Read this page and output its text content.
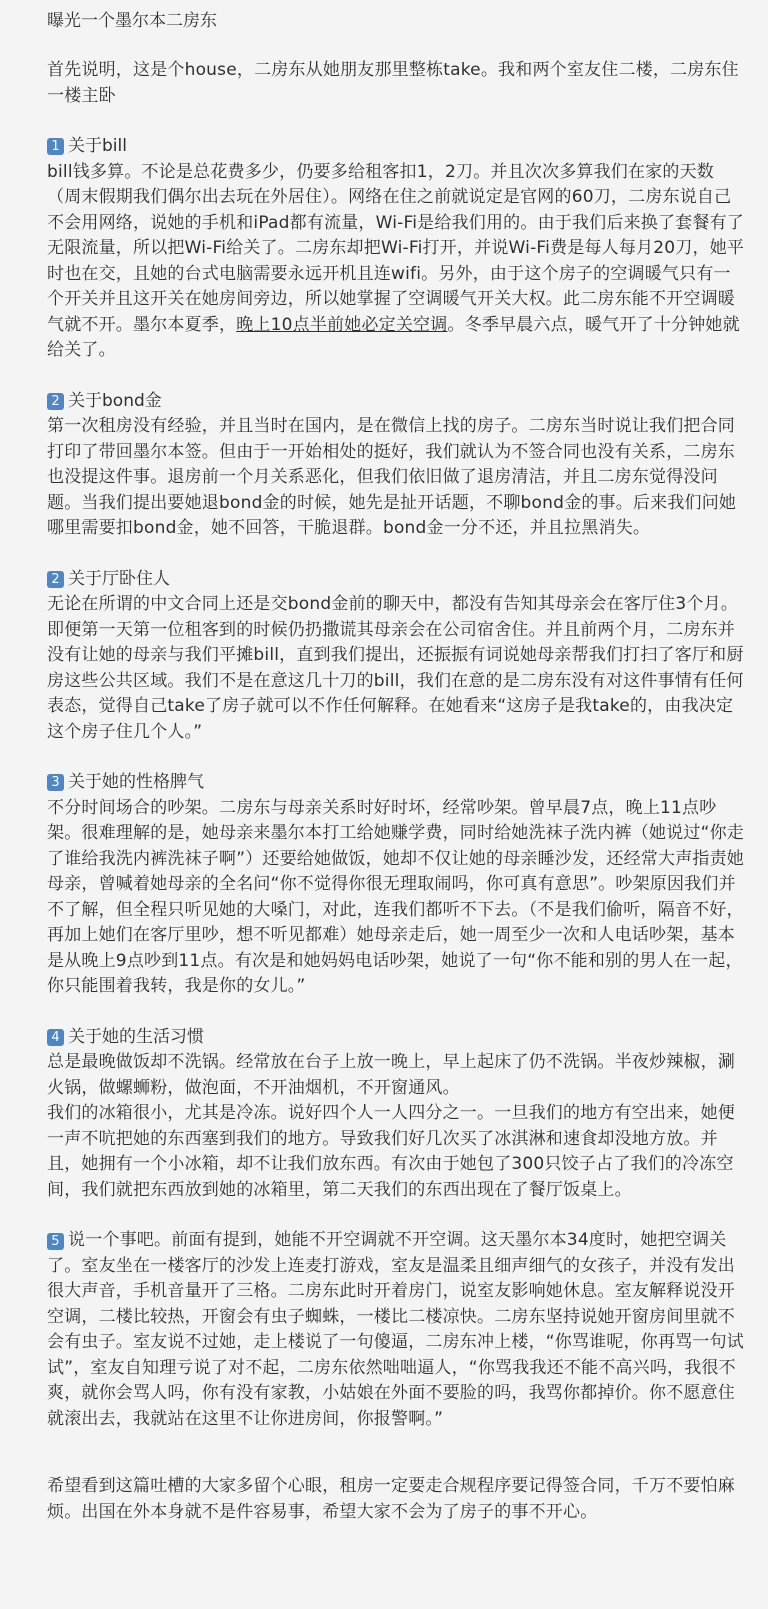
曝光一个墨尔本二房东

首先说明，这是个house，二房东从她朋友那里整栋take。我和两个室友住二楼，二房东住一楼主卧

1 关于bill

bill钱多算。不论是总花费多少，仍要多给租客扣1，2刀。并且次次多算我们在家的天数（周末假期我们偶尔出去玩在外居住）。网络在住之前就说定是官网的60刀，二房东说自己不会用网络，说她的手机和iPad都有流量，Wi-Fi是给我们用的。由于我们后来换了套餐有了无限流量，所以把Wi-Fi给关了。二房东却把Wi-Fi打开，并说Wi-Fi费是每人每月20刀，她平时也在交，且她的台式电脑需要永远开机且连wifi。另外，由于这个房子的空调暖气只有一个开关并且这开关在她房间旁边，所以她掌握了空调暖气开关大权。此二房东能不开空调暖气就不开。墨尔本夏季，晚上10点半前她必定关空调。冬季早晨六点，暖气开了十分钟她就给关了。

2 关于bond金

第一次租房没有经验，并且当时在国内，是在微信上找的房子。二房东当时说让我们把合同打印了带回墨尔本签。但由于一开始相处的挺好，我们就认为不签合同也没有关系，二房东也没提这件事。退房前一个月关系恶化，但我们依旧做了退房清洁，并且二房东觉得没问题。当我们提出要她退bond金的时候，她先是扯开话题，不聊bond金的事。后来我们问她哪里需要扣bond金，她不回答，干脆退群。bond金一分不还，并且拉黑消失。

2 关于厅卧住人

无论在所谓的中文合同上还是交bond金前的聊天中，都没有告知其母亲会在客厅住3个月。即便第一天第一位租客到的时候仍扔撒谎其母亲会在公司宿舍住。并且前两个月，二房东并没有让她的母亲与我们平摊bill，直到我们提出，还振振有词说她母亲帮我们打扫了客厅和厨房这些公共区域。我们不是在意这几十刀的bill，我们在意的是二房东没有对这件事情有任何表态，觉得自己take了房子就可以不作任何解释。在她看来“这房子是我take的，由我决定这个房子住几个人。”

3 关于她的性格脾气

不分时间场合的吵架。二房东与母亲关系时好时坏，经常吵架。曾早晨7点，晚上11点吵架。很难理解的是，她母亲来墨尔本打工给她赚学费，同时给她洗袜子洗内裤（她说过“你走了谁给我洗内裤洗袜子啊”）还要给她做饭，她却不仅让她的母亲睡沙发，还经常大声指责她母亲，曾喊着她母亲的全名问“你不觉得你很无理取闹吗，你可真有意思”。吵架原因我们并不了解，但全程只听见她的大嗓门，对此，连我们都听不下去。（不是我们偷听，隔音不好，再加上她们在客厅里吵，想不听见都难）她母亲走后，她一周至少一次和人电话吵架，基本是从晚上9点吵到11点。有次是和她妈妈电话吵架，她说了一句“你不能和别的男人在一起，你只能围着我转，我是你的女儿。”

4 关于她的生活习惯

总是最晚做饭却不洗锅。经常放在台子上放一晚上，早上起床了仍不洗锅。半夜炒辣椒，涮火锅，做螺蛳粉，做泡面，不开油烟机，不开窗通风。

我们的冰箱很小，尤其是冷冻。说好四个人一人四分之一。一旦我们的地方有空出来，她便一声不吭把她的东西塞到我们的地方。导致我们好几次买了冰淇淋和速食却没地方放。并且，她拥有一个小冰箱，却不让我们放东西。有次由于她包了300只饺子占了我们的冷冻空间，我们就把东西放到她的冰箱里，第二天我们的东西出现在了餐厅饭桌上。

5 说一个事吧。前面有提到，她能不开空调就不开空调。这天墨尔本34度时，她把空调关了。室友坐在一楼客厅的沙发上连麦打游戏，室友是温柔且细声细气的女孩子，并没有发出很大声音，手机音量开了三格。二房东此时开着房门，说室友影响她休息。室友解释说没开空调，二楼比较热，开窗会有虫子蜘蛛，一楼比二楼凉快。二房东坚持说她开窗房间里就不会有虫子。室友说不过她，走上楼说了一句傻逼，二房东冲上楼，“你骂谁呢，你再骂一句试试”，室友自知理亏说了对不起，二房东依然咄咄逼人，“你骂我我还不能不高兴吗，我很不爽，就你会骂人吗，你有没有家教，小姑娘在外面不要脸的吗，我骂你都掉价。你不愿意住就滚出去，我就站在这里不让你进房间，你报警啊。”

希望看到这篇吐槽的大家多留个心眼，租房一定要走合规程序要记得签合同，千万不要怕麻烦。出国在外本身就不是件容易事，希望大家不会为了房子的事不开心。
